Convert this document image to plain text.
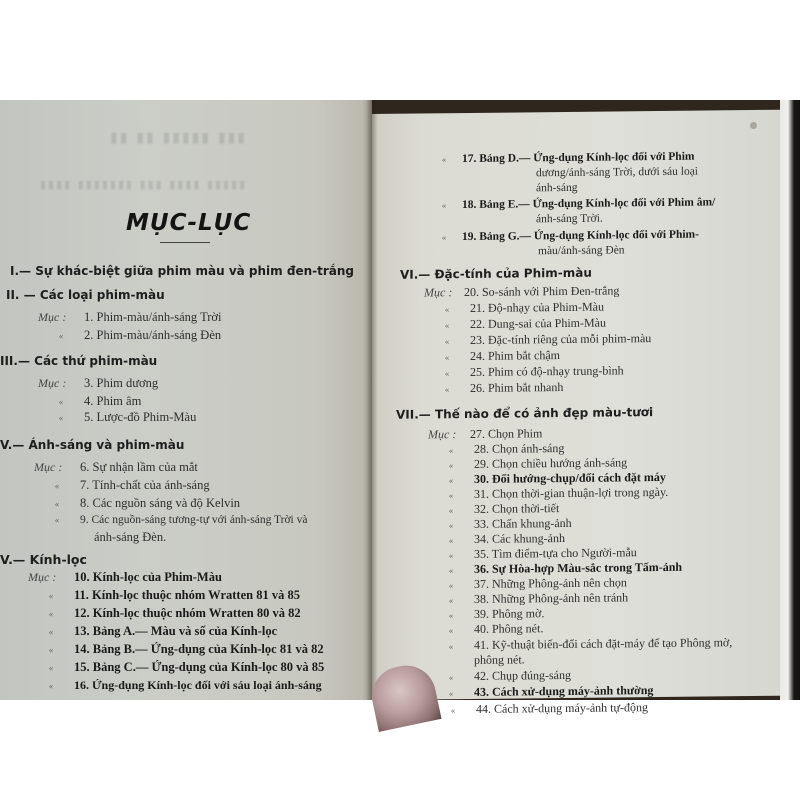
▮▮ ▮▮ ▮▮▮▮▮ ▮▮▮
▮▮▮▮ ▮▮▮▮▮▮▮ ▮▮▮ ▮▮▮▮ ▮▮▮▮▮
MỤC-LỤC
I.— Sự khác-biệt giữa phim màu và phim đen-trắng
II. — Các loại phim-màu
Mục : 1. Phim-màu/ánh-sáng Trời
« 2. Phim-màu/ánh-sáng Đèn
III.— Các thứ phim-màu
Mục : 3. Phim dương
« 4. Phim âm
« 5. Lược-đồ Phim-Màu
V.— Ánh-sáng và phim-màu
Mục : 6. Sự nhận lầm của mắt
« 7. Tính-chất của ánh-sáng
« 8. Các nguồn sáng và độ Kelvin
« 9. Các nguồn-sáng tương-tự với ánh-sáng Trời và
ánh-sáng Đèn.
V.— Kính-lọc
Mục : 10. Kính-lọc của Phim-Màu
« 11. Kính-lọc thuộc nhóm Wratten 81 và 85
« 12. Kính-lọc thuộc nhóm Wratten 80 và 82
« 13. Bảng A.— Màu và số của Kính-lọc
« 14. Bảng B.— Ứng-dụng của Kính-lọc 81 và 82
« 15. Bảng C.— Ứng-dụng của Kính-lọc 80 và 85
« 16. Ứng-dụng Kính-lọc đối với sáu loại ánh-sáng
« 17. Bảng D.— Ứng-dụng Kính-lọc đối với Phim
dương/ánh-sáng Trời, dưới sáu loại
ánh-sáng
« 18. Bảng E.— Ứng-dụng Kính-lọc đối với Phim âm/
ánh-sáng Trời.
« 19. Bảng G.— Ứng-dụng Kính-lọc đối với Phim-
màu/ánh-sáng Đèn
VI.— Đặc-tính của Phim-màu
Mục : 20. So-sánh với Phim Đen-trắng
« 21. Độ-nhạy của Phim-Màu
« 22. Dung-sai của Phim-Màu
« 23. Đặc-tính riêng của mỗi phim-màu
« 24. Phim bắt chậm
« 25. Phim có độ-nhạy trung-bình
« 26. Phim bắt nhanh
VII.— Thế nào để có ảnh đẹp màu-tươi
Mục : 27. Chọn Phim
« 28. Chọn ánh-sáng
« 29. Chọn chiều hướng ánh-sáng
« 30. Đổi hướng-chụp/đổi cách đặt máy
« 31. Chọn thời-gian thuận-lợi trong ngày.
« 32. Chọn thời-tiết
« 33. Chấn khung-ảnh
« 34. Các khung-ảnh
« 35. Tìm điểm-tựa cho Người-mẫu
« 36. Sự Hòa-hợp Màu-sắc trong Tấm-ảnh
« 37. Những Phông-ảnh nên chọn
« 38. Những Phông-ảnh nên tránh
« 39. Phông mờ.
« 40. Phông nét.
« 41. Kỹ-thuật biến-đổi cách đặt-máy để tạo Phông mờ,
phông nét.
« 42. Chụp đúng-sáng
« 43. Cách xử-dụng máy-ảnh thường
« 44. Cách xử-dụng máy-ảnh tự-động
